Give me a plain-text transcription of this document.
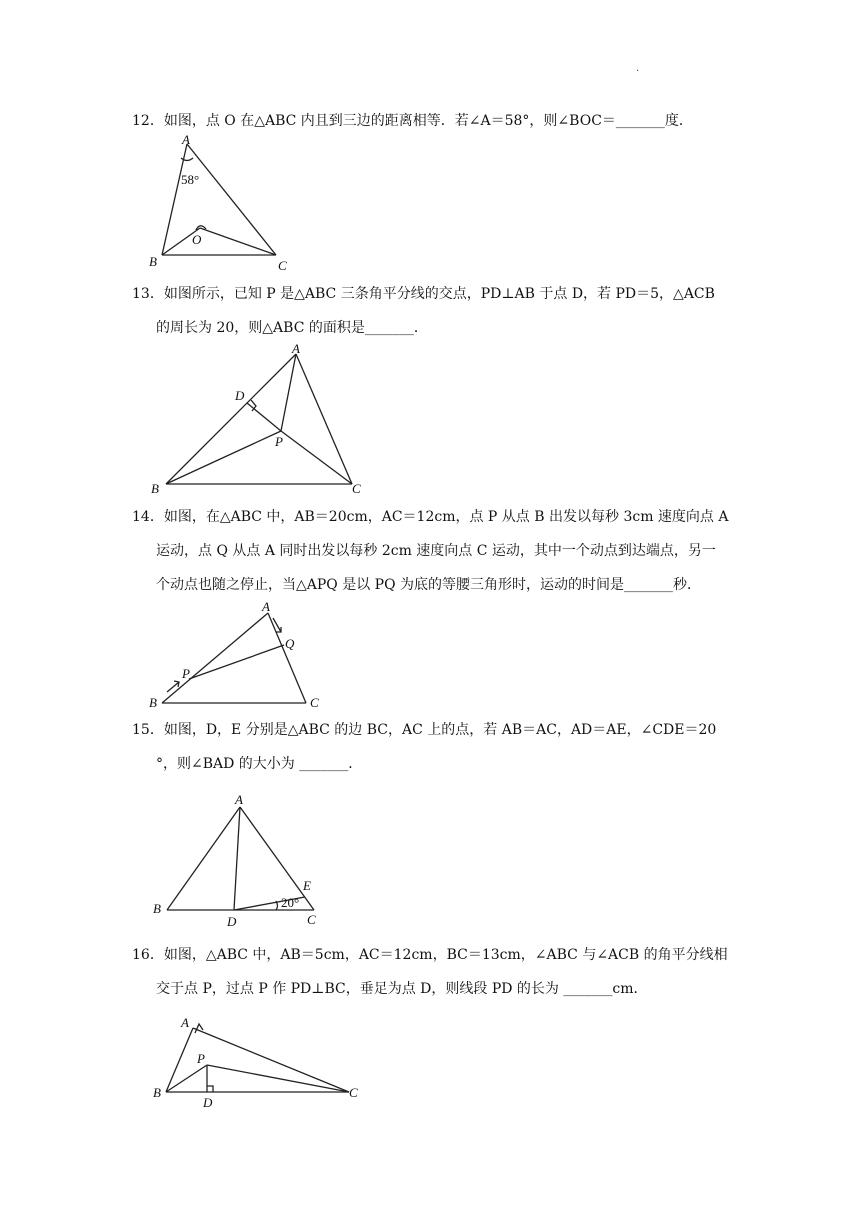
·
12．如图，点 O 在△ABC 内且到三边的距离相等．若∠A＝58°，则∠BOC＝_______度．
A
58°
O
B	C
13．如图所示，已知 P 是△ABC 三条角平分线的交点，PD⊥AB 于点 D，若 PD＝5，△ACB
的周长为 20，则△ABC 的面积是_______．
A
D
P
B	C
14．如图，在△ABC 中，AB＝20cm，AC＝12cm，点 P 从点 B 出发以每秒 3cm 速度向点 A
运动，点 Q 从点 A 同时出发以每秒 2cm 速度向点 C 运动，其中一个动点到达端点，另一
个动点也随之停止，当△APQ 是以 PQ 为底的等腰三角形时，运动的时间是_______秒．
A
Q
P
B	C
15．如图，D，E 分别是△ABC 的边 BC，AC 上的点，若 AB＝AC，AD＝AE，∠CDE＝20
°，则∠BAD 的大小为 _______．
A
E
20°
B
D	C
16．如图，△ABC 中，AB＝5cm，AC＝12cm，BC＝13cm，∠ABC 与∠ACB 的角平分线相
交于点 P，过点 P 作 PD⊥BC，垂足为点 D，则线段 PD 的长为 _______cm．
A
P
B
D
C
